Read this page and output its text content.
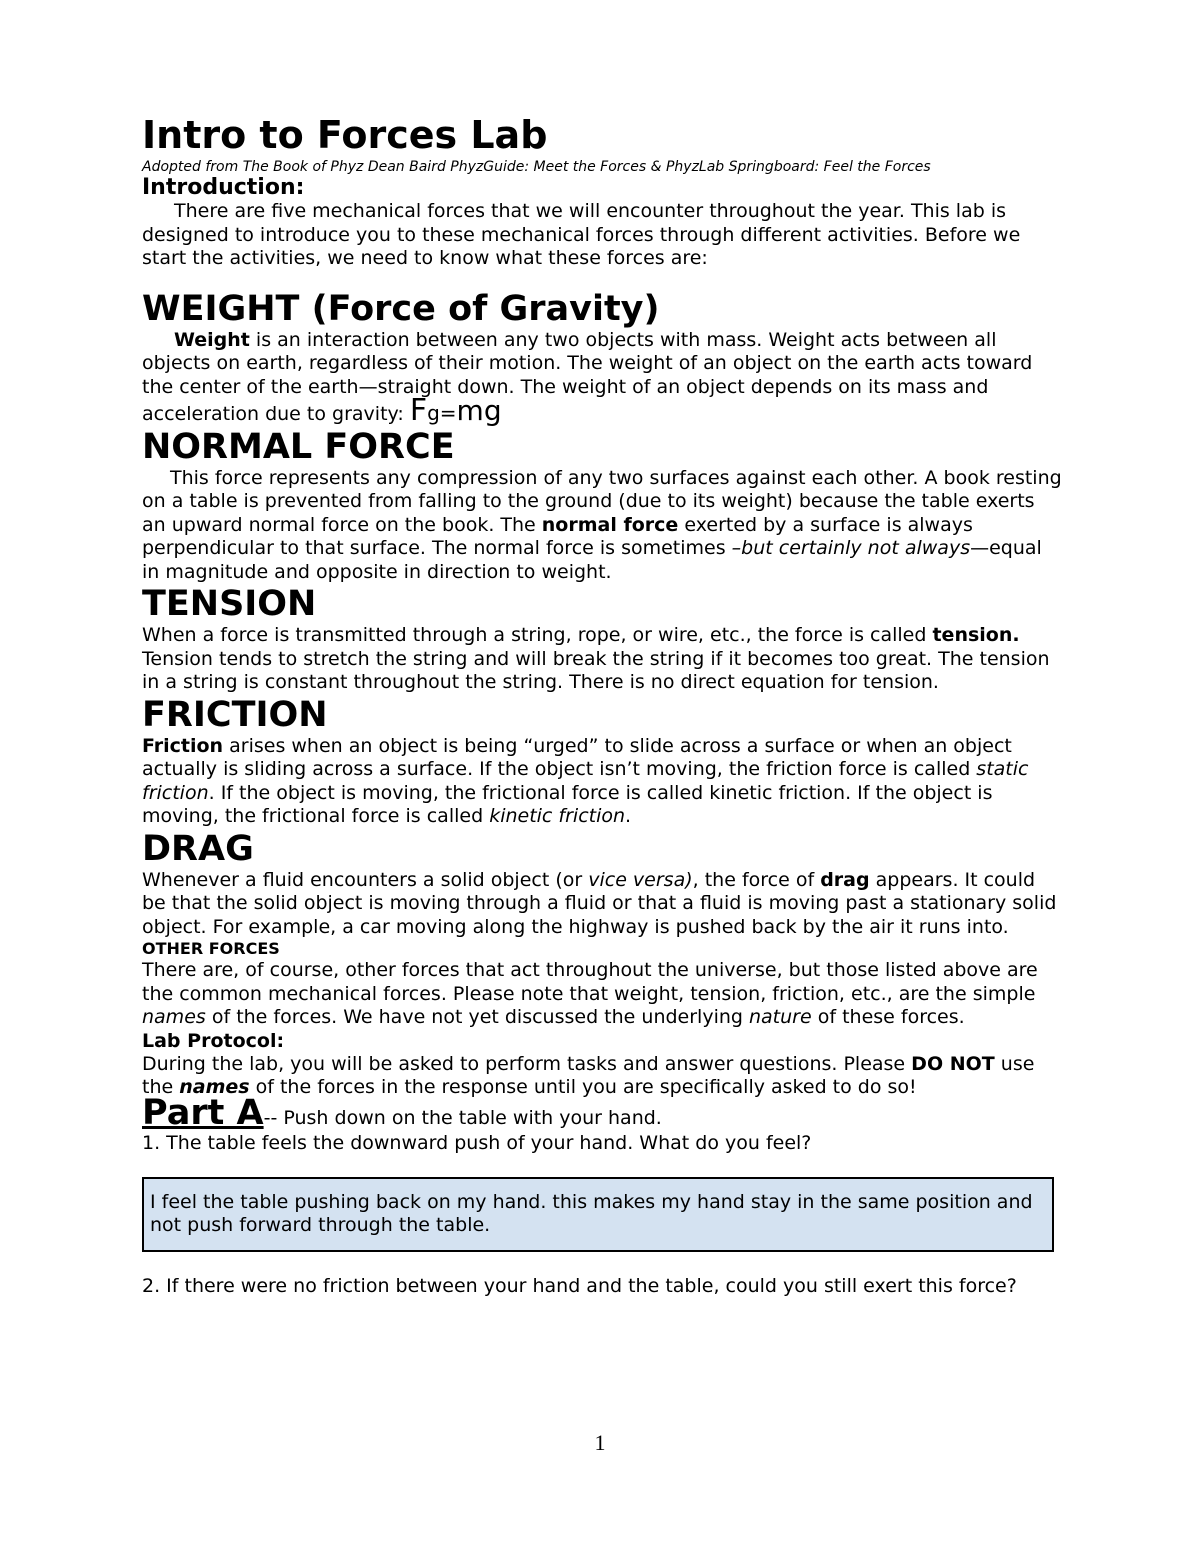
Intro to Forces Lab

Adopted from The Book of Phyz Dean Baird PhyzGuide: Meet the Forces & PhyzLab Springboard: Feel the Forces

Introduction:

There are five mechanical forces that we will encounter throughout the year. This lab is designed to introduce you to these mechanical forces through different activities. Before we start the activities, we need to know what these forces are:

WEIGHT (Force of Gravity)

Weight is an interaction between any two objects with mass. Weight acts between all objects on earth, regardless of their motion. The weight of an object on the earth acts toward the center of the earth—straight down. The weight of an object depends on its mass and acceleration due to gravity: Fg=mg

NORMAL FORCE

This force represents any compression of any two surfaces against each other. A book resting on a table is prevented from falling to the ground (due to its weight) because the table exerts an upward normal force on the book. The normal force exerted by a surface is always perpendicular to that surface. The normal force is sometimes –but certainly not always—equal in magnitude and opposite in direction to weight.

TENSION

When a force is transmitted through a string, rope, or wire, etc., the force is called tension. Tension tends to stretch the string and will break the string if it becomes too great. The tension in a string is constant throughout the string. There is no direct equation for tension.

FRICTION

Friction arises when an object is being “urged” to slide across a surface or when an object actually is sliding across a surface. If the object isn’t moving, the friction force is called static friction. If the object is moving, the frictional force is called kinetic friction. If the object is moving, the frictional force is called kinetic friction.

DRAG

Whenever a fluid encounters a solid object (or vice versa), the force of drag appears. It could be that the solid object is moving through a fluid or that a fluid is moving past a stationary solid object. For example, a car moving along the highway is pushed back by the air it runs into.

OTHER FORCES

There are, of course, other forces that act throughout the universe, but those listed above are the common mechanical forces. Please note that weight, tension, friction, etc., are the simple names of the forces. We have not yet discussed the underlying nature of these forces.

Lab Protocol:

During the lab, you will be asked to perform tasks and answer questions. Please DO NOT use the names of the forces in the response until you are specifically asked to do so!

Part A-- Push down on the table with your hand.

1. The table feels the downward push of your hand. What do you feel?

I feel the table pushing back on my hand. this makes my hand stay in the same position and not push forward through the table.

2. If there were no friction between your hand and the table, could you still exert this force?

1
